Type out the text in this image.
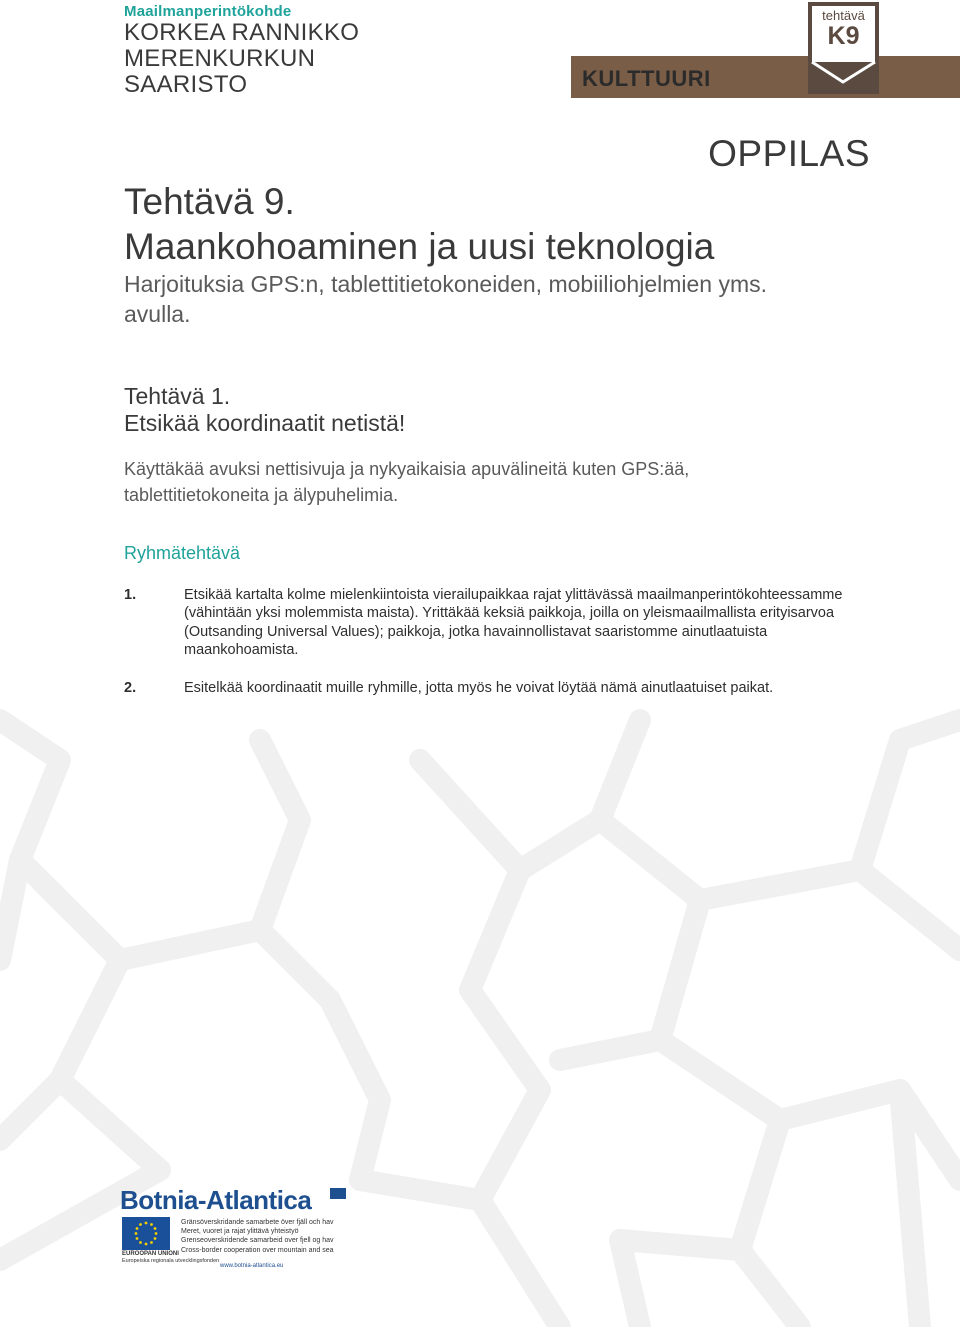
Maailmanperintökohde
KORKEA RANNIKKO
MERENKURKUN
SAARISTO	KULTTUURI
tehtävä
K9
OPPILAS
Tehtävä 9.
Maankohoaminen ja uusi teknologia
Harjoituksia GPS:n, tablettitietokoneiden, mobiiliohjelmien yms. avulla.
Tehtävä 1.
Etsikää koordinaatit netistä!
Käyttäkää avuksi nettisivuja ja nykyaikaisia apuvälineitä kuten GPS:ää, tablettitietokoneita ja älypuhelimia.
Ryhmätehtävä
1.	Etsikää kartalta kolme mielenkiintoista vierailupaikkaa rajat ylittävässä maailmanperintökohteessamme (vähintään yksi molemmista maista). Yrittäkää keksiä paikkoja, joilla on yleismaailmallista erityisarvoa (Outsanding Universal Values); paikkoja, jotka havainnollistavat saaristomme ainutlaatuista maankohoamista.
2.	Esitelkää koordinaatit muille ryhmille, jotta myös he voivat löytää nämä ainutlaatuiset paikat.
Botnia-Atlantica
EUROOPAN UNIONI
Europeiska regionala utvecklingsfonden
Gränsöverskridande samarbete över fjäll och hav
Meret, vuoret ja rajat ylittävä yhteistyö
Grenseoverskridende samarbeid over fjell og hav
Cross-border cooperation over mountain and sea
www.botnia-atlantica.eu
